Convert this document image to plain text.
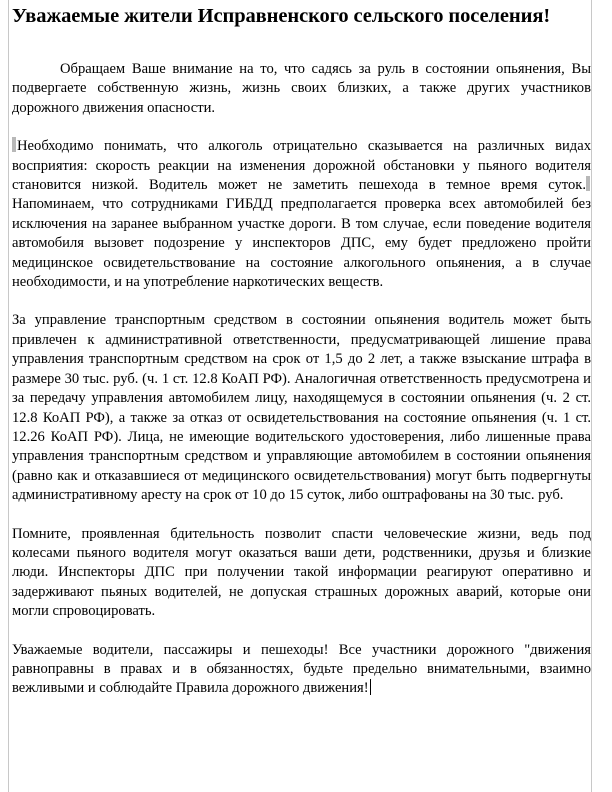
Уважаемые жители Исправненского сельского поселения!

Обращаем Ваше внимание на то, что садясь за руль в состоянии опьянения, Вы подвергаете собственную жизнь, жизнь своих близких, а также других участников дорожного движения опасности.

Необходимо понимать, что алкоголь отрицательно сказывается на различных видах восприятия: скорость реакции на изменения дорожной обстановки у пьяного водителя становится низкой. Водитель может не заметить пешехода в темное время суток.Напоминаем, что сотрудниками ГИБДД предполагается проверка всех автомобилей без исключения на заранее выбранном участке дороги. В том случае, если поведение водителя автомобиля вызовет подозрение у инспекторов ДПС, ему будет предложено пройти медицинское освидетельствование на состояние алкогольного опьянения, а в случае необходимости, и на употребление наркотических веществ.

За управление транспортным средством в состоянии опьянения водитель может быть привлечен к административной ответственности, предусматривающей лишение права управления транспортным средством на срок от 1,5 до 2 лет, а также взыскание штрафа в размере 30 тыс. руб. (ч. 1 ст. 12.8 КоАП РФ). Аналогичная ответственность предусмотрена и за передачу управления автомобилем лицу, находящемуся в состоянии опьянения (ч. 2 ст. 12.8 КоАП РФ), а также за отказ от освидетельствования на состояние опьянения (ч. 1 ст. 12.26 КоАП РФ). Лица, не имеющие водительского удостоверения, либо лишенные права управления транспортным средством и управляющие автомобилем в состоянии опьянения (равно как и отказавшиеся от медицинского освидетельствования) могут быть подвергнуты административному аресту на срок от 10 до 15 суток, либо оштрафованы на 30 тыс. руб.

Помните, проявленная бдительность позволит спасти человеческие жизни, ведь под колесами пьяного водителя могут оказаться ваши дети, родственники, друзья и близкие люди. Инспекторы ДПС при получении такой информации реагируют оперативно и задерживают пьяных водителей, не допуская страшных дорожных аварий, которые они могли спровоцировать.

Уважаемые водители, пассажиры и пешеходы! Все участники дорожного "движения равноправны в правах и в обязанностях, будьте предельно внимательными, взаимно вежливыми и соблюдайте Правила дорожного движения!
